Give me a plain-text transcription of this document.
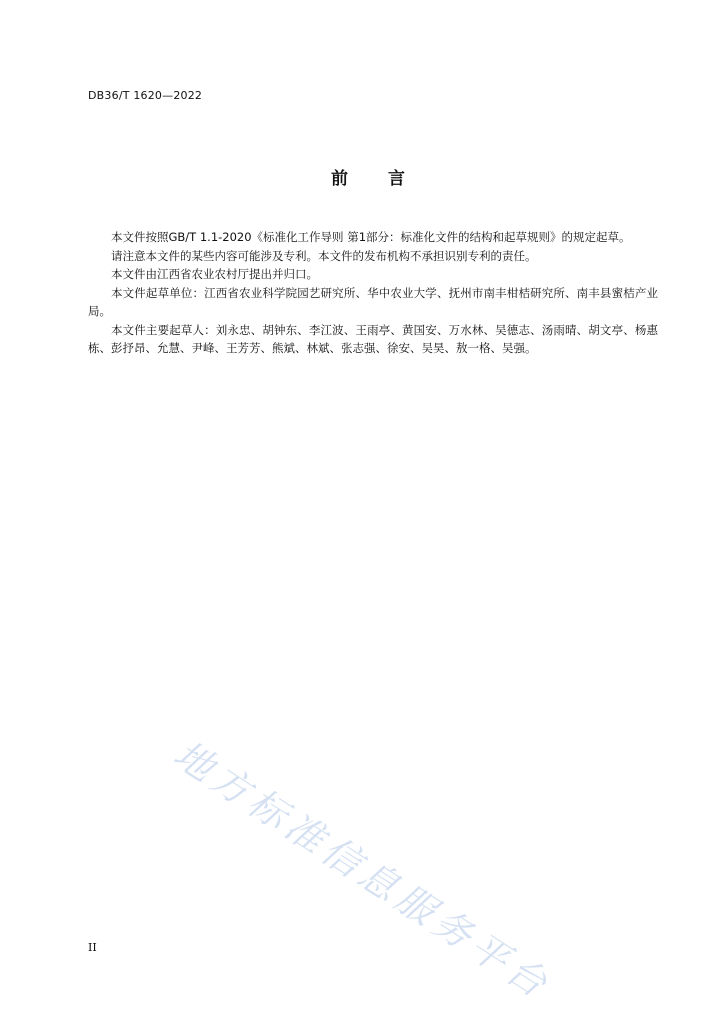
DB36/T 1620—2022
前 言

本文件按照GB/T 1.1-2020《标准化工作导则 第1部分：标准化文件的结构和起草规则》的规定起草。

请注意本文件的某些内容可能涉及专利。本文件的发布机构不承担识别专利的责任。

本文件由江西省农业农村厅提出并归口。

本文件起草单位：江西省农业科学院园艺研究所、华中农业大学、抚州市南丰柑桔研究所、南丰县蜜桔产业局。

本文件主要起草人：刘永忠、胡钟东、李江波、王雨亭、黄国安、万水林、吴德志、汤雨晴、胡文亭、杨惠栋、彭抒昂、允慧、尹峰、王芳芳、熊斌、林斌、张志强、徐安、吴昊、敖一格、吴强。

地方标准信息服务平台
II
